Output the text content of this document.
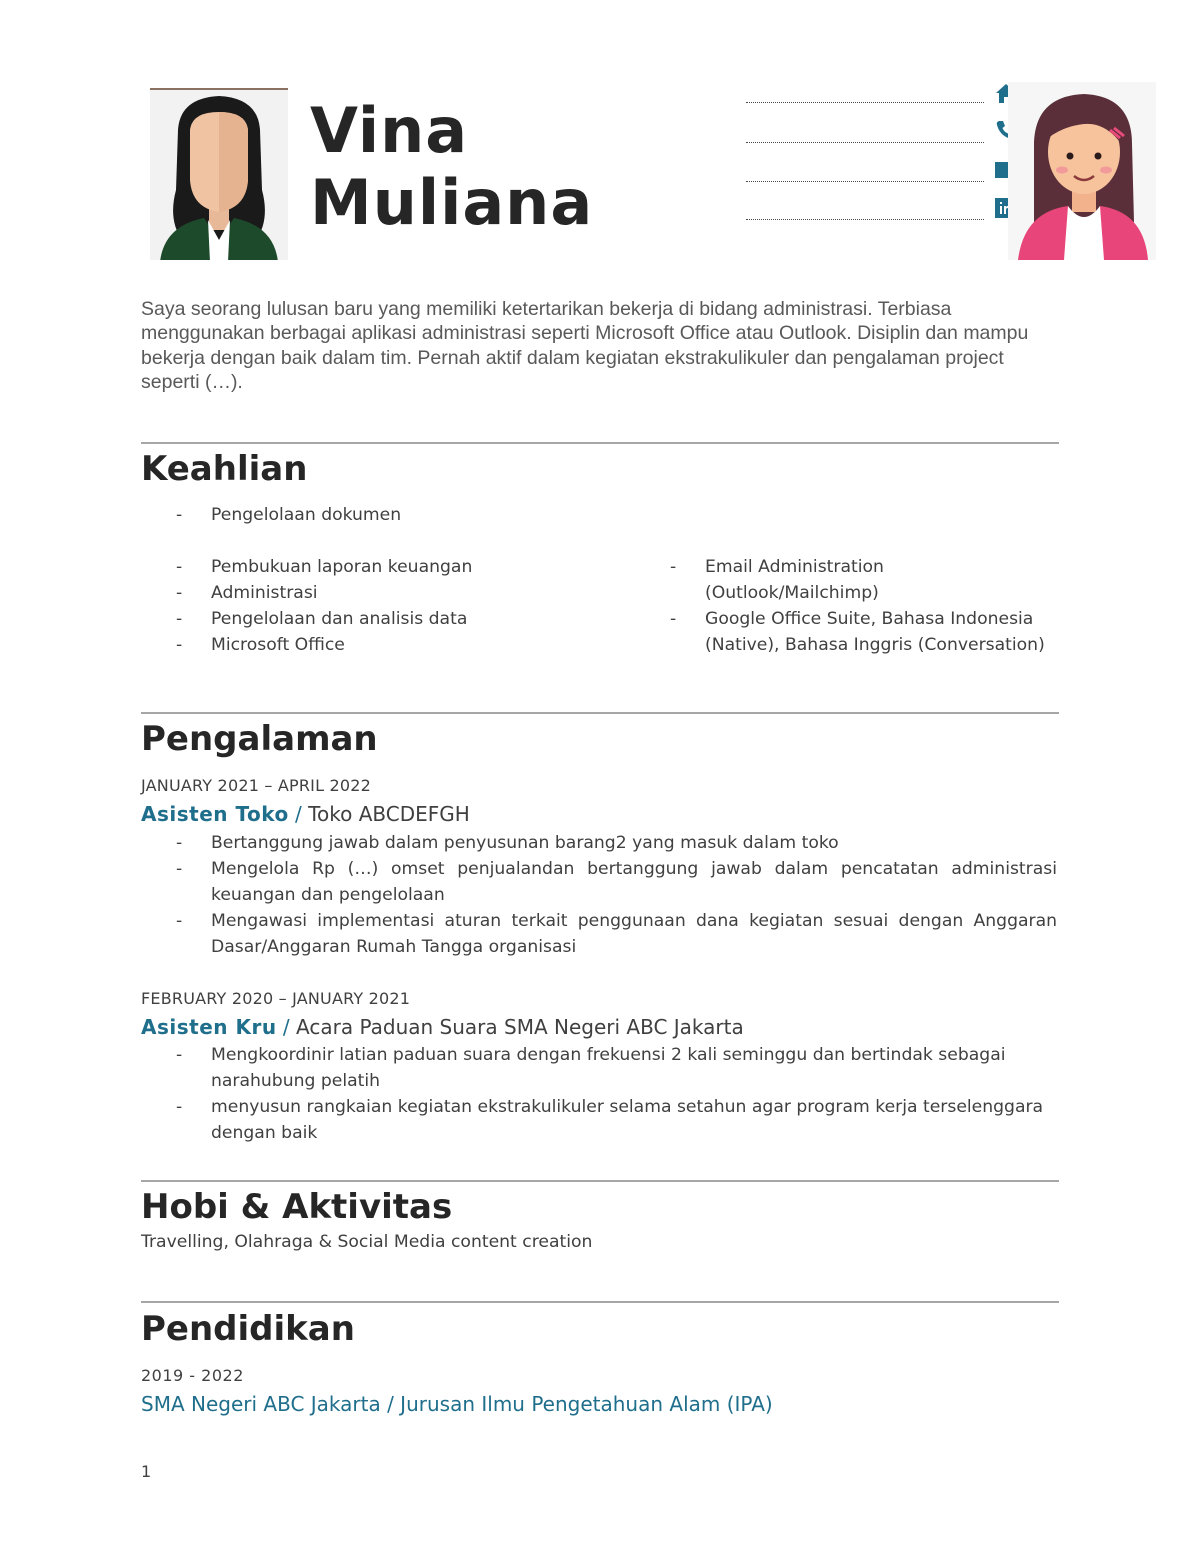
Vina
Muliana
Saya seorang lulusan baru yang memiliki ketertarikan bekerja di bidang administrasi. Terbiasa menggunakan berbagai aplikasi administrasi seperti Microsoft Office atau Outlook. Disiplin dan mampu bekerja dengan baik dalam tim. Pernah aktif dalam kegiatan ekstrakulikuler dan pengalaman project seperti (…).
Keahlian
- Pengelolaan dokumen
- Pembukuan laporan keuangan
- Administrasi
- Pengelolaan dan analisis data
- Microsoft Office
- Email Administration
(Outlook/Mailchimp)
- Google Office Suite, Bahasa Indonesia
(Native), Bahasa Inggris (Conversation)
Pengalaman
JANUARY 2021 – APRIL 2022
Asisten Toko / Toko ABCDEFGH
- Bertanggung jawab dalam penyusunan barang2 yang masuk dalam toko
- Mengelola Rp (…) omset penjualandan bertanggung jawab dalam pencatatan administrasi
keuangan dan pengelolaan
- Mengawasi implementasi aturan terkait penggunaan dana kegiatan sesuai dengan Anggaran
Dasar/Anggaran Rumah Tangga organisasi
FEBRUARY 2020 – JANUARY 2021
Asisten Kru / Acara Paduan Suara SMA Negeri ABC Jakarta
- Mengkoordinir latian paduan suara dengan frekuensi 2 kali seminggu dan bertindak sebagai
narahubung pelatih
- menyusun rangkaian kegiatan ekstrakulikuler selama setahun agar program kerja terselenggara
dengan baik
Hobi & Aktivitas
Travelling, Olahraga & Social Media content creation
Pendidikan
2019 - 2022
SMA Negeri ABC Jakarta / Jurusan Ilmu Pengetahuan Alam (IPA)
1
